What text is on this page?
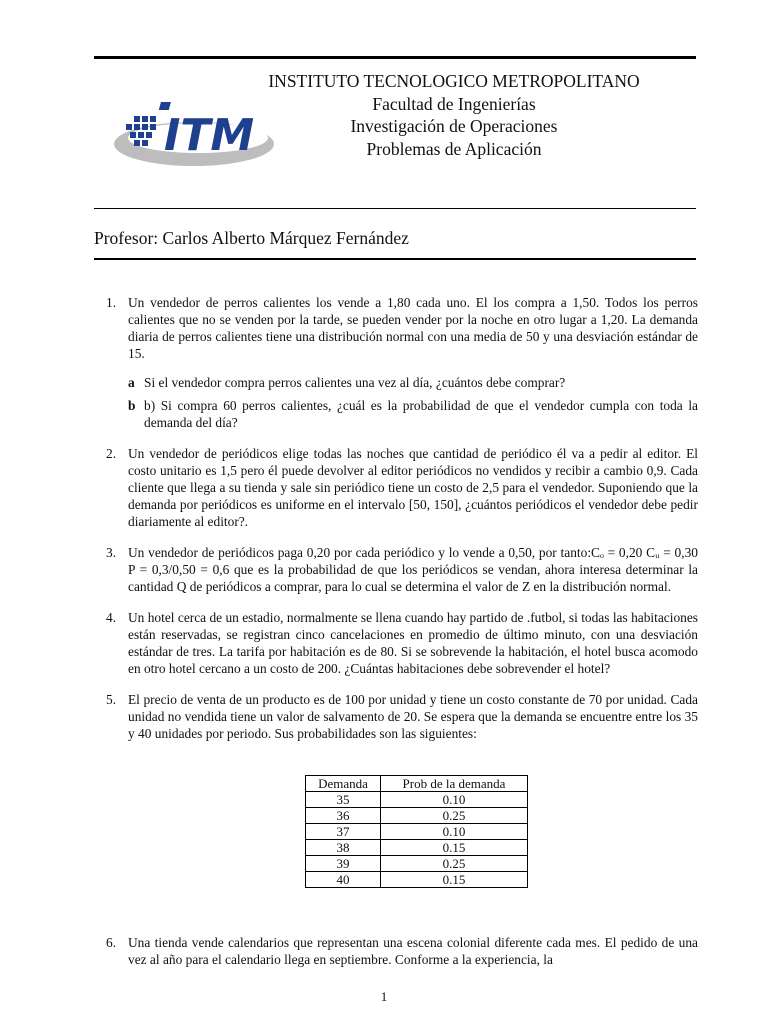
ITM
INSTITUTO TECNOLOGICO METROPOLITANO
Facultad de Ingenierías
Investigación de Operaciones
Problemas de Aplicación
Profesor: Carlos Alberto Márquez Fernández
1. Un vendedor de perros calientes los vende a 1,80 cada uno. El los compra a 1,50. Todos los perros calientes que no se venden por la tarde, se pueden vender por la noche en otro lugar a 1,20. La demanda diaria de perros calientes tiene una distribución normal con una media de 50 y una desviación estándar de 15.
a Si el vendedor compra perros calientes una vez al día, ¿cuántos debe comprar?
b b) Si compra 60 perros calientes, ¿cuál es la probabilidad de que el vendedor cumpla con toda la demanda del día?
2. Un vendedor de periódicos elige todas las noches que cantidad de periódico él va a pedir al editor. El costo unitario es 1,5 pero él puede devolver al editor periódicos no vendidos y recibir a cambio 0,9. Cada cliente que llega a su tienda y sale sin periódico tiene un costo de 2,5 para el vendedor. Suponiendo que la demanda por periódicos es uniforme en el intervalo [50, 150], ¿cuántos periódicos el vendedor debe pedir diariamente al editor?.
3. Un vendedor de periódicos paga 0,20 por cada periódico y lo vende a 0,50, por tanto:Cₒ = 0,20 Cᵤ = 0,30 P = 0,3/0,50 = 0,6 que es la probabilidad de que los periódicos se vendan, ahora interesa determinar la cantidad Q de periódicos a comprar, para lo cual se determina el valor de Z en la distribución normal.
4. Un hotel cerca de un estadio, normalmente se llena cuando hay partido de .futbol, si todas las habitaciones están reservadas, se registran cinco cancelaciones en promedio de último minuto, con una desviación estándar de tres. La tarifa por habitación es de 80. Si se sobrevende la habitación, el hotel busca acomodo en otro hotel cercano a un costo de 200. ¿Cuántas habitaciones debe sobrevender el hotel?
5. El precio de venta de un producto es de 100 por unidad y tiene un costo constante de 70 por unidad. Cada unidad no vendida tiene un valor de salvamento de 20. Se espera que la demanda se encuentre entre los 35 y 40 unidades por periodo. Sus probabilidades son las siguientes:
Demanda	Prob de la demanda
35	0.10
36	0.25
37	0.10
38	0.15
39	0.25
40	0.15
6. Una tienda vende calendarios que representan una escena colonial diferente cada mes. El pedido de una vez al año para el calendario llega en septiembre. Conforme a la experiencia, la
1
